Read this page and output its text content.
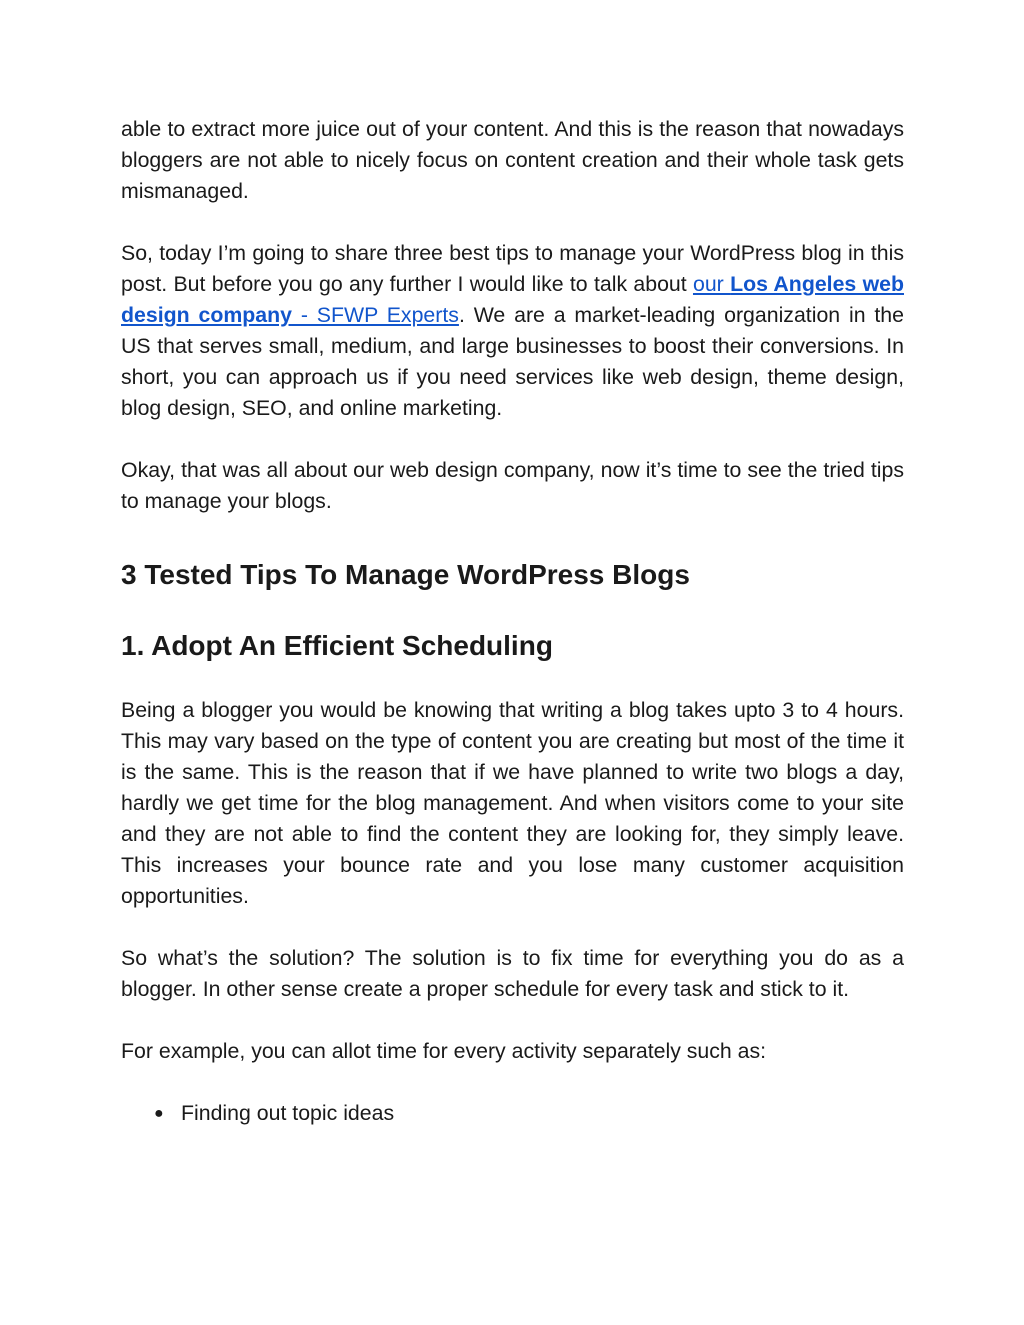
able to extract more juice out of your content. And this is the reason that nowadays bloggers are not able to nicely focus on content creation and their whole task gets mismanaged.

So, today I’m going to share three best tips to manage your WordPress blog in this post. But before you go any further I would like to talk about our Los Angeles web design company - SFWP Experts. We are a market-leading organization in the US that serves small, medium, and large businesses to boost their conversions. In short, you can approach us if you need services like web design, theme design, blog design, SEO, and online marketing.

Okay, that was all about our web design company, now it’s time to see the tried tips to manage your blogs.

3 Tested Tips To Manage WordPress Blogs
1. Adopt An Efficient Scheduling

Being a blogger you would be knowing that writing a blog takes upto 3 to 4 hours. This may vary based on the type of content you are creating but most of the time it is the same. This is the reason that if we have planned to write two blogs a day, hardly we get time for the blog management. And when visitors come to your site and they are not able to find the content they are looking for, they simply leave. This increases your bounce rate and you lose many customer acquisition opportunities.

So what’s the solution? The solution is to fix time for everything you do as a blogger. In other sense create a proper schedule for every task and stick to it.

For example, you can allot time for every activity separately such as:

● Finding out topic ideas
